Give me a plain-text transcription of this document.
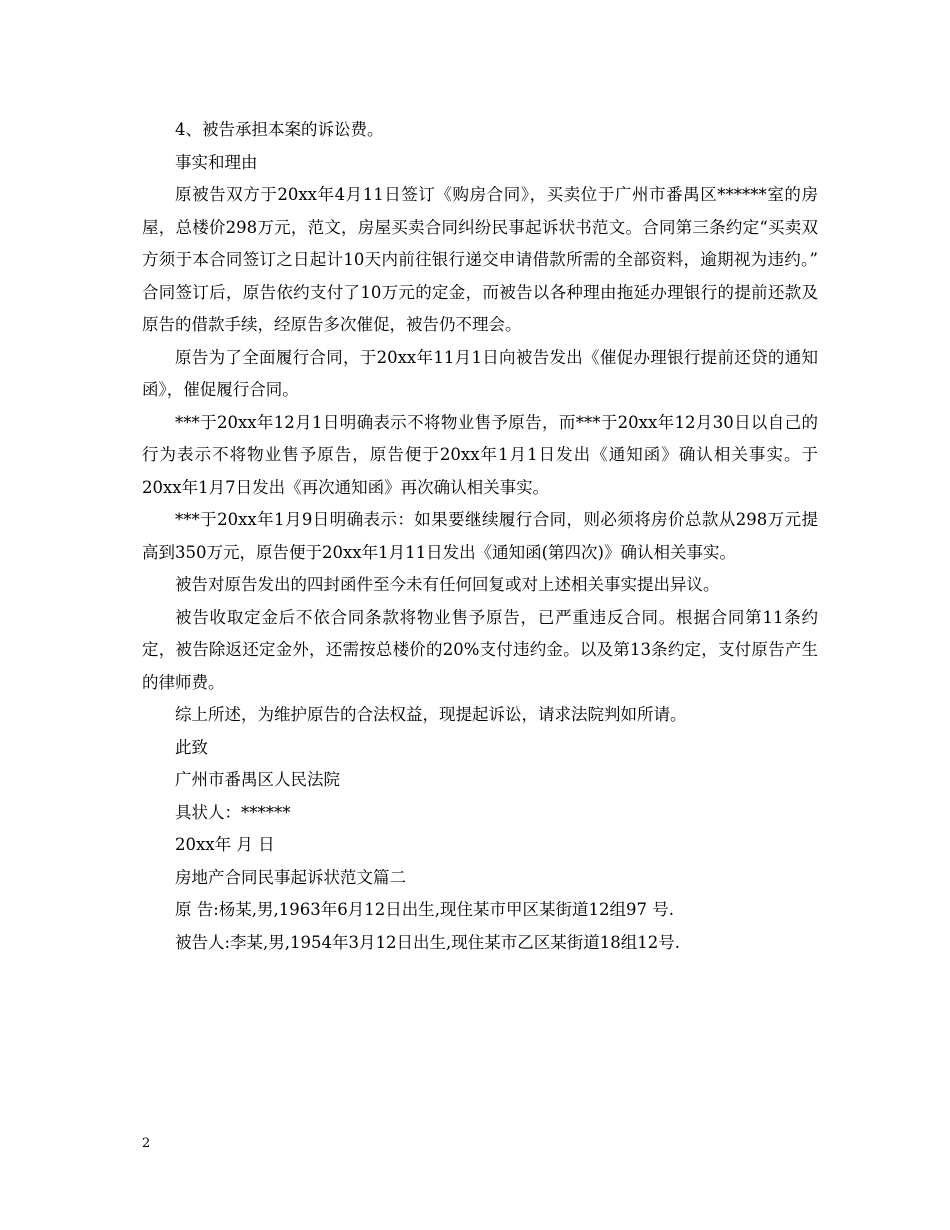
4、被告承担本案的诉讼费。

事实和理由

原被告双方于20xx年4月11日签订《购房合同》，买卖位于广州市番禺区******室的房屋，总楼价298万元，范文，房屋买卖合同纠纷民事起诉状书范文。合同第三条约定“买卖双方须于本合同签订之日起计10天内前往银行递交申请借款所需的全部资料，逾期视为违约。” 合同签订后，原告依约支付了10万元的定金，而被告以各种理由拖延办理银行的提前还款及原告的借款手续，经原告多次催促，被告仍不理会。

原告为了全面履行合同，于20xx年11月1日向被告发出《催促办理银行提前还贷的通知函》，催促履行合同。

***于20xx年12月1日明确表示不将物业售予原告，而***于20xx年12月30日以自己的行为表示不将物业售予原告，原告便于20xx年1月1日发出《通知函》确认相关事实。于20xx年1月7日发出《再次通知函》再次确认相关事实。

***于20xx年1月9日明确表示：如果要继续履行合同，则必须将房价总款从298万元提高到350万元，原告便于20xx年1月11日发出《通知函(第四次)》确认相关事实。

被告对原告发出的四封函件至今未有任何回复或对上述相关事实提出异议。

被告收取定金后不依合同条款将物业售予原告，已严重违反合同。根据合同第11条约定，被告除返还定金外，还需按总楼价的20%支付违约金。以及第13条约定，支付原告产生的律师费。

综上所述，为维护原告的合法权益，现提起诉讼，请求法院判如所请。

此致

广州市番禺区人民法院

具状人：******

20xx年 月 日

房地产合同民事起诉状范文篇二

原 告:杨某,男,1963年6月12日出生,现住某市甲区某街道12组97 号.

被告人:李某,男,1954年3月12日出生,现住某市乙区某街道18组12号.

2
